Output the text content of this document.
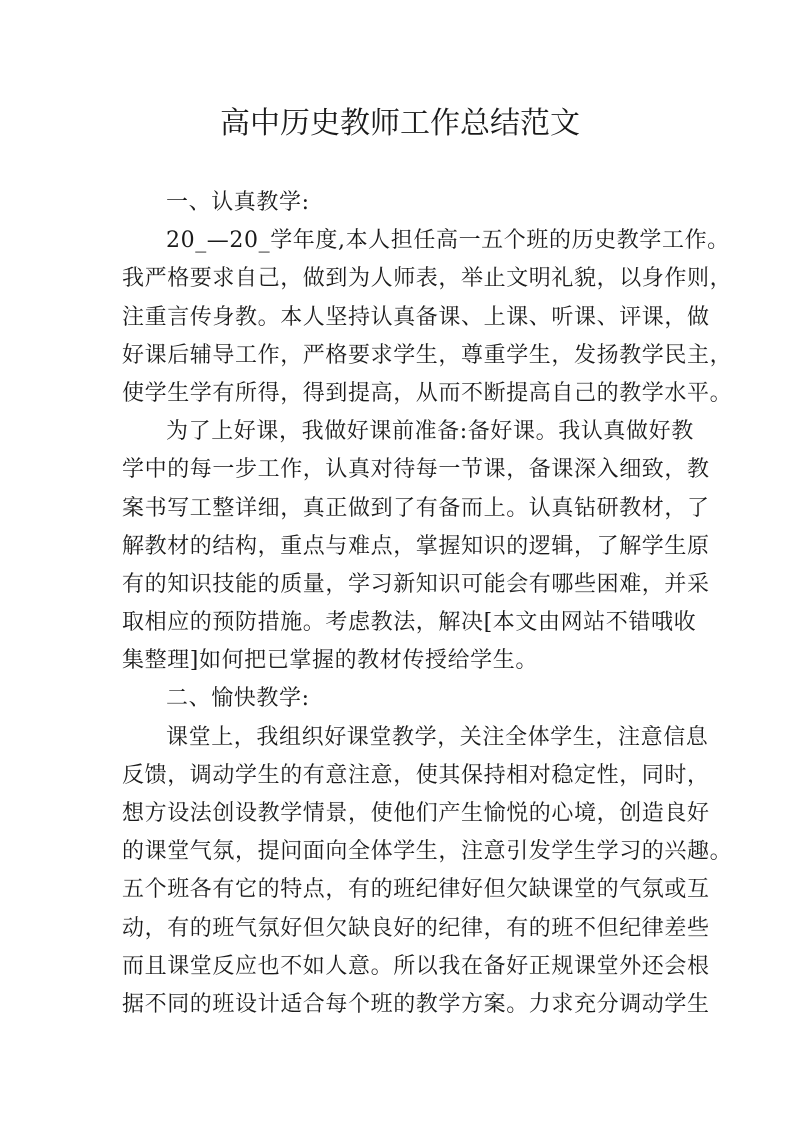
高中历史教师工作总结范文
一、认真教学:
20_—20_学年度,本人担任高一五个班的历史教学工作。
我严格要求自己，做到为人师表，举止文明礼貌，以身作则，
注重言传身教。本人坚持认真备课、上课、听课、评课，做
好课后辅导工作，严格要求学生，尊重学生，发扬教学民主，
使学生学有所得，得到提高，从而不断提高自己的教学水平。
为了上好课，我做好课前准备:备好课。我认真做好教
学中的每一步工作，认真对待每一节课，备课深入细致，教
案书写工整详细，真正做到了有备而上。认真钻研教材，了
解教材的结构，重点与难点，掌握知识的逻辑，了解学生原
有的知识技能的质量，学习新知识可能会有哪些困难，并采
取相应的预防措施。考虑教法，解决[本文由网站不错哦收
集整理]如何把已掌握的教材传授给学生。
二、愉快教学:
课堂上，我组织好课堂教学，关注全体学生，注意信息
反馈，调动学生的有意注意，使其保持相对稳定性，同时，
想方设法创设教学情景，使他们产生愉悦的心境，创造良好
的课堂气氛，提问面向全体学生，注意引发学生学习的兴趣。
五个班各有它的特点，有的班纪律好但欠缺课堂的气氛或互
动，有的班气氛好但欠缺良好的纪律，有的班不但纪律差些
而且课堂反应也不如人意。所以我在备好正规课堂外还会根
据不同的班设计适合每个班的教学方案。力求充分调动学生
